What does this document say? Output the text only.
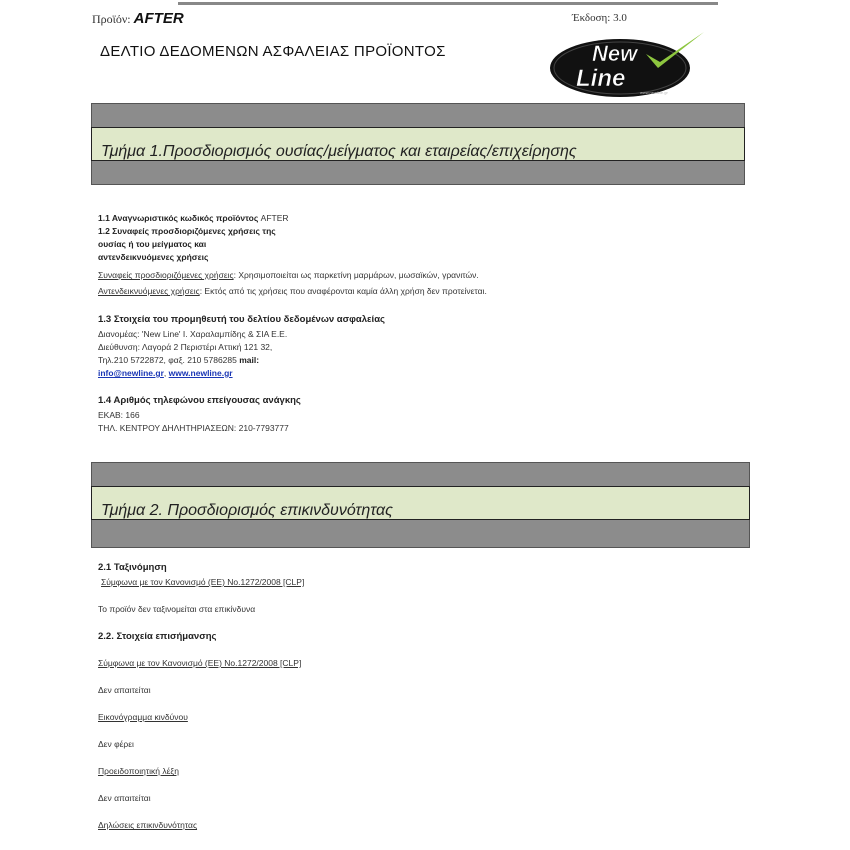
Προϊόν: AFTER	Έκδοση: 3.0
ΔΕΛΤΙΟ ΔΕΔΟΜΕΝΩΝ ΑΣΦΑΛΕΙΑΣ ΠΡΟΪΟΝΤΟΣ	New
Line
www.newline.gr
Τμήμα 1.Προσδιορισμός ουσίας/μείγματος και εταιρείας/επιχείρησης
1.1 Αναγνωριστικός κωδικός προϊόντος AFTER
1.2 Συναφείς προσδιοριζόμενες χρήσεις της
ουσίας ή του μείγματος και
αντενδεικνυόμενες χρήσεις
Συναφείς προσδιοριζόμενες χρήσεις: Χρησιμοποιείται ως παρκετίνη μαρμάρων, μωσαϊκών, γρανιτών.
Αντενδεικνυόμενες χρήσεις: Εκτός από τις χρήσεις που αναφέρονται καμία άλλη χρήση δεν προτείνεται.
1.3 Στοιχεία του προμηθευτή του δελτίου δεδομένων ασφαλείας
Διανομέας: 'New Line' Ι. Χαραλαμπίδης & ΣΙΑ Ε.Ε.
Διεύθυνση: Λαγορά 2 Περιστέρι Αττική 121 32,
Τηλ.210 5722872, φαξ. 210 5786285 mail:
info@newline.gr, www.newline.gr
1.4 Αριθμός τηλεφώνου επείγουσας ανάγκης
ΕΚΑΒ: 166
ΤΗΛ. ΚΕΝΤΡΟΥ ΔΗΛΗΤΗΡΙΑΣΕΩΝ: 210-7793777
Τμήμα 2. Προσδιορισμός επικινδυνότητας
2.1 Ταξινόμηση
Σύμφωνα με τον Κανονισμό (ΕΕ) Νο.1272/2008 [CLP]
Το προϊόν δεν ταξινομείται στα επικίνδυνα
2.2. Στοιχεία επισήμανσης
Σύμφωνα με τον Κανονισμό (ΕΕ) Νο.1272/2008 [CLP]
Δεν απαιτείται
Εικονόγραμμα κινδύνου
Δεν φέρει
Προειδοποιητική λέξη
Δεν απαιτείται
Δηλώσεις επικινδυνότητας
